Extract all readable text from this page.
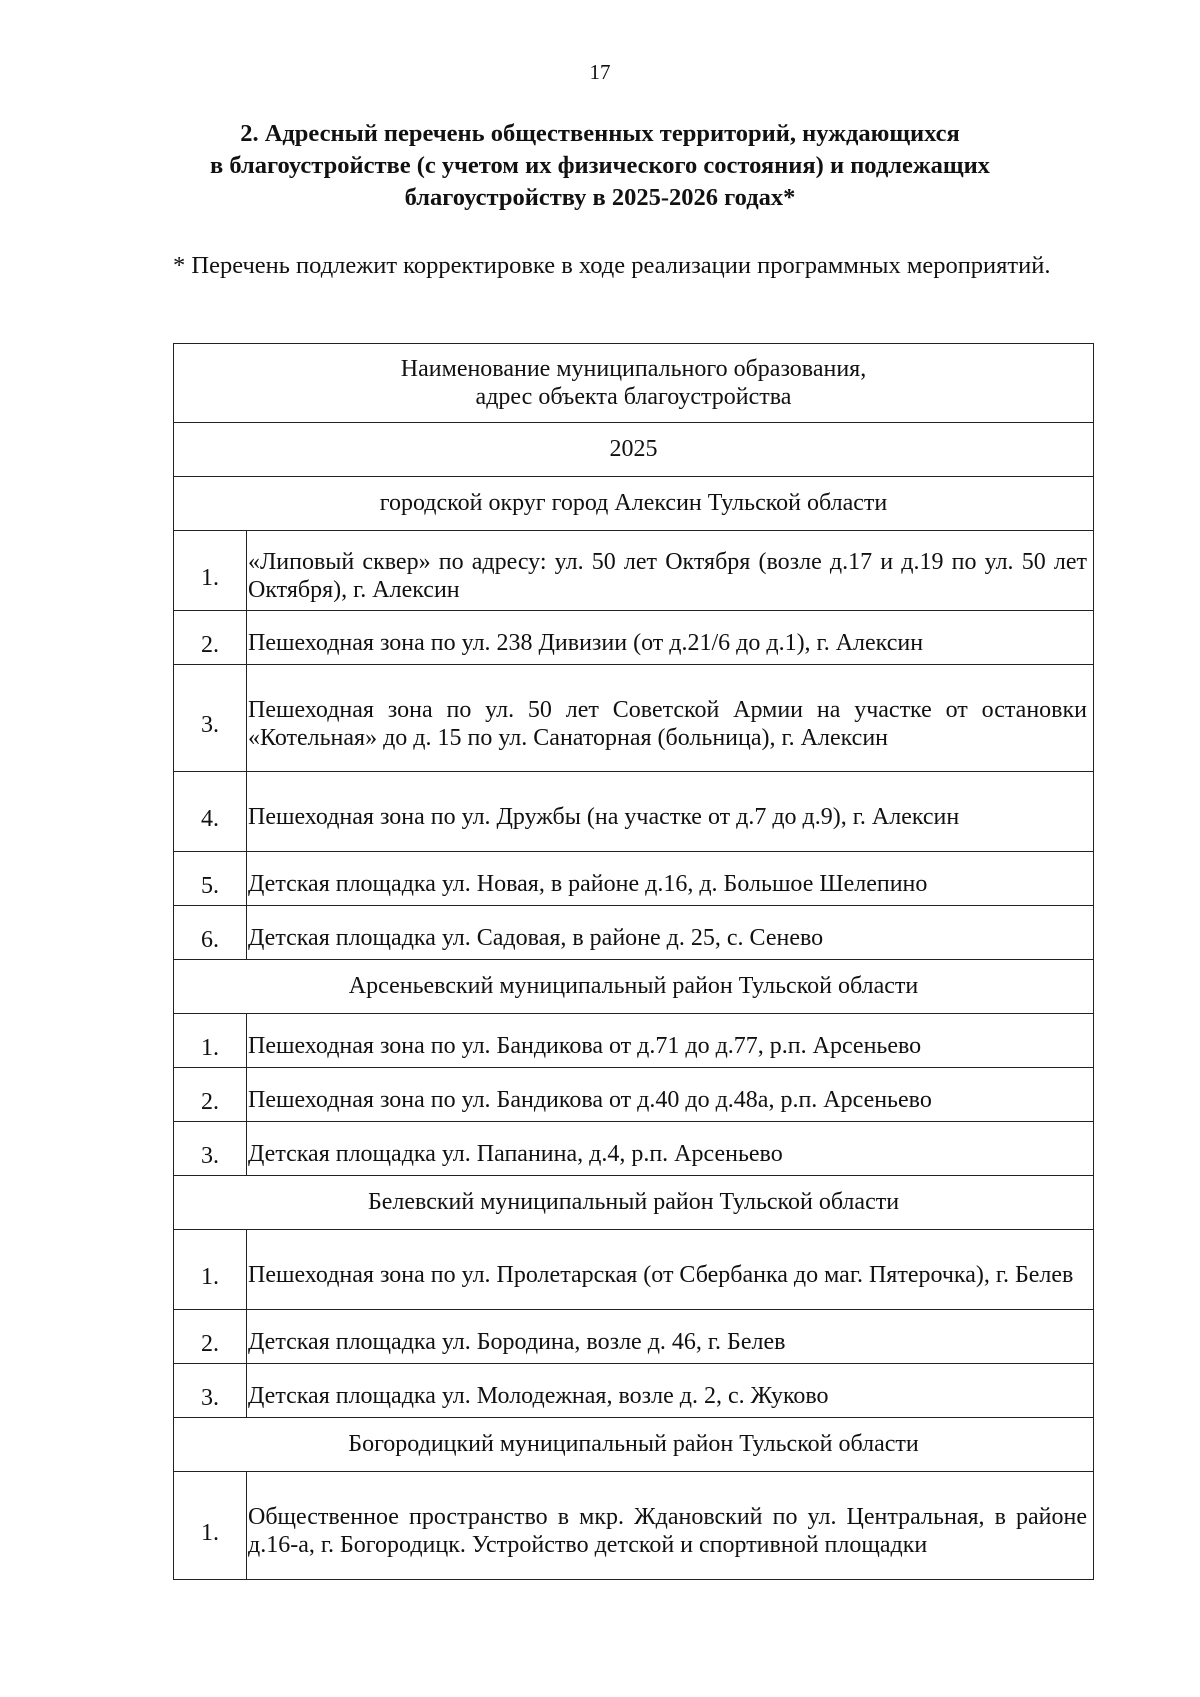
17
2. Адресный перечень общественных территорий, нуждающихся
в благоустройстве (с учетом их физического состояния) и подлежащих
благоустройству в 2025-2026 годах*
* Перечень подлежит корректировке в ходе реализации программных мероприятий.
Наименование муниципального образования,
адрес объекта благоустройства	

2025	
городской округ город Алексин Тульской области	

1.	«Липовый сквер» по адресу: ул. 50 лет Октября (возле д.17 и д.19 по ул. 50 лет Октября), г. Алексин

2.	Пешеходная зона по ул. 238 Дивизии (от д.21/6 до д.1), г. Алексин

3.	Пешеходная зона по ул. 50 лет Советской Армии на участке от остановки «Котельная» до д. 15 по ул. Санаторная (больница), г. Алексин

4.	Пешеходная зона по ул. Дружбы (на участке от д.7 до д.9), г. Алексин

5.	Детская площадка ул. Новая, в районе д.16, д. Большое Шелепино

6.	Детская площадка ул. Садовая, в районе д. 25, с. Сенево

Арсеньевский муниципальный район Тульской области	

1.	Пешеходная зона по ул. Бандикова от д.71 до д.77, р.п. Арсеньево

2.	Пешеходная зона по ул. Бандикова от д.40 до д.48а, р.п. Арсеньево

3.	Детская площадка ул. Папанина, д.4, р.п. Арсеньево

Белевский муниципальный район Тульской области	

1.	Пешеходная зона по ул. Пролетарская (от Сбербанка до маг. Пятерочка), г. Белев

2.	Детская площадка ул. Бородина, возле д. 46, г. Белев

3.	Детская площадка ул. Молодежная, возле д. 2, с. Жуково

Богородицкий муниципальный район Тульской области	

1.	Общественное пространство в мкр. Ждановский по ул. Центральная, в районе д.16-а, г. Богородицк. Устройство детской и спортивной площадки
